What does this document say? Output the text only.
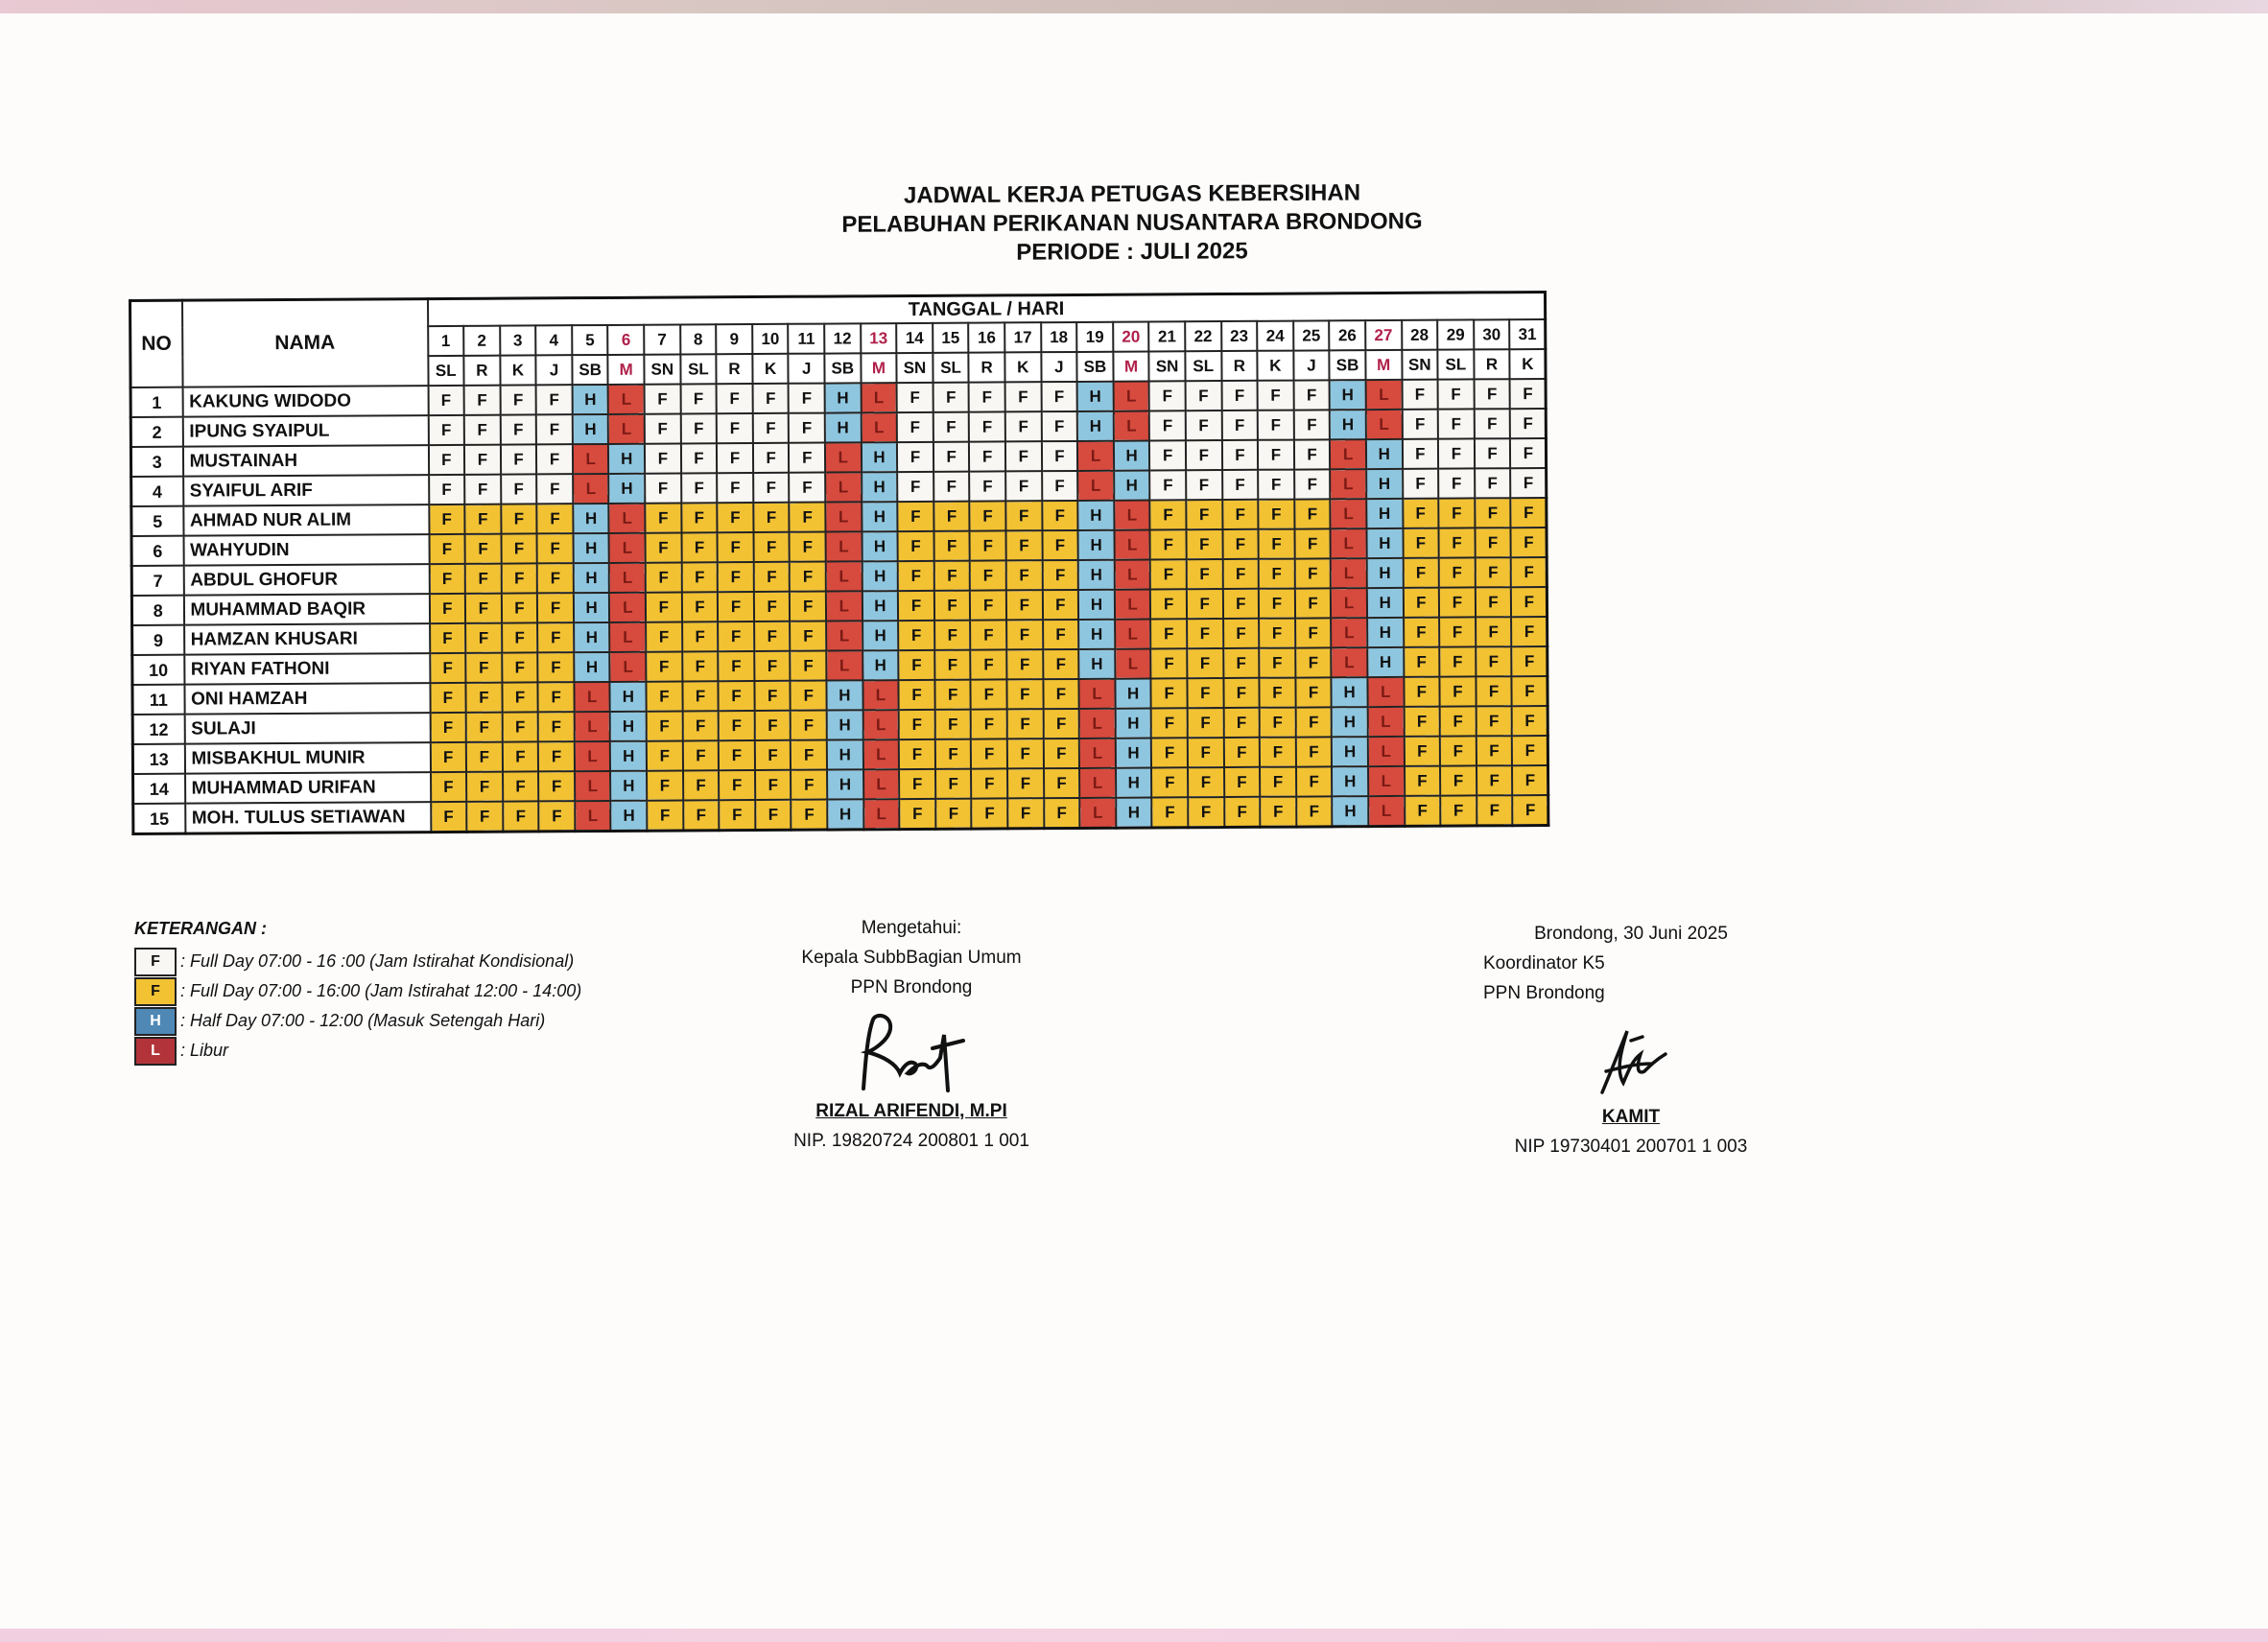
JADWAL KERJA PETUGAS KEBERSIHAN
PELABUHAN PERIKANAN NUSANTARA BRONDONG
PERIODE : JULI 2025
NO	NAMA	TANGGAL / HARI																														
		1	2	3	4	5	6	7	8	9	10	11	12	13	14	15	16	17	18	19	20	21	22	23	24	25	26	27	28	29	30	31
		SL	R	K	J	SB	M	SN	SL	R	K	J	SB	M	SN	SL	R	K	J	SB	M	SN	SL	R	K	J	SB	M	SN	SL	R	K
1	KAKUNG WIDODO	F	F	F	F	H	L	F	F	F	F	F	H	L	F	F	F	F	F	H	L	F	F	F	F	F	H	L	F	F	F	F
2	IPUNG SYAIPUL	F	F	F	F	H	L	F	F	F	F	F	H	L	F	F	F	F	F	H	L	F	F	F	F	F	H	L	F	F	F	F
3	MUSTAINAH	F	F	F	F	L	H	F	F	F	F	F	L	H	F	F	F	F	F	L	H	F	F	F	F	F	L	H	F	F	F	F
4	SYAIFUL ARIF	F	F	F	F	L	H	F	F	F	F	F	L	H	F	F	F	F	F	L	H	F	F	F	F	F	L	H	F	F	F	F
5	AHMAD NUR ALIM	F	F	F	F	H	L	F	F	F	F	F	L	H	F	F	F	F	F	H	L	F	F	F	F	F	L	H	F	F	F	F
6	WAHYUDIN	F	F	F	F	H	L	F	F	F	F	F	L	H	F	F	F	F	F	H	L	F	F	F	F	F	L	H	F	F	F	F
7	ABDUL GHOFUR	F	F	F	F	H	L	F	F	F	F	F	L	H	F	F	F	F	F	H	L	F	F	F	F	F	L	H	F	F	F	F
8	MUHAMMAD BAQIR	F	F	F	F	H	L	F	F	F	F	F	L	H	F	F	F	F	F	H	L	F	F	F	F	F	L	H	F	F	F	F
9	HAMZAN KHUSARI	F	F	F	F	H	L	F	F	F	F	F	L	H	F	F	F	F	F	H	L	F	F	F	F	F	L	H	F	F	F	F
10	RIYAN FATHONI	F	F	F	F	H	L	F	F	F	F	F	L	H	F	F	F	F	F	H	L	F	F	F	F	F	L	H	F	F	F	F
11	ONI HAMZAH	F	F	F	F	L	H	F	F	F	F	F	H	L	F	F	F	F	F	L	H	F	F	F	F	F	H	L	F	F	F	F
12	SULAJI	F	F	F	F	L	H	F	F	F	F	F	H	L	F	F	F	F	F	L	H	F	F	F	F	F	H	L	F	F	F	F
13	MISBAKHUL MUNIR	F	F	F	F	L	H	F	F	F	F	F	H	L	F	F	F	F	F	L	H	F	F	F	F	F	H	L	F	F	F	F
14	MUHAMMAD URIFAN	F	F	F	F	L	H	F	F	F	F	F	H	L	F	F	F	F	F	L	H	F	F	F	F	F	H	L	F	F	F	F
15	MOH. TULUS SETIAWAN	F	F	F	F	L	H	F	F	F	F	F	H	L	F	F	F	F	F	L	H	F	F	F	F	F	H	L	F	F	F	F
KETERANGAN :
F	: Full Day 07:00 - 16 :00 (Jam Istirahat Kondisional)
F	: Full Day 07:00 - 16:00 (Jam Istirahat 12:00 - 14:00)
H	: Half Day 07:00 - 12:00 (Masuk Setengah Hari)
L	: Libur
Mengetahui:
Kepala SubbBagian Umum
PPN Brondong
RIZAL ARIFENDI, M.PI
NIP. 19820724 200801 1 001
Brondong, 30 Juni 2025
Koordinator K5
PPN Brondong
KAMIT
NIP 19730401 200701 1 003
